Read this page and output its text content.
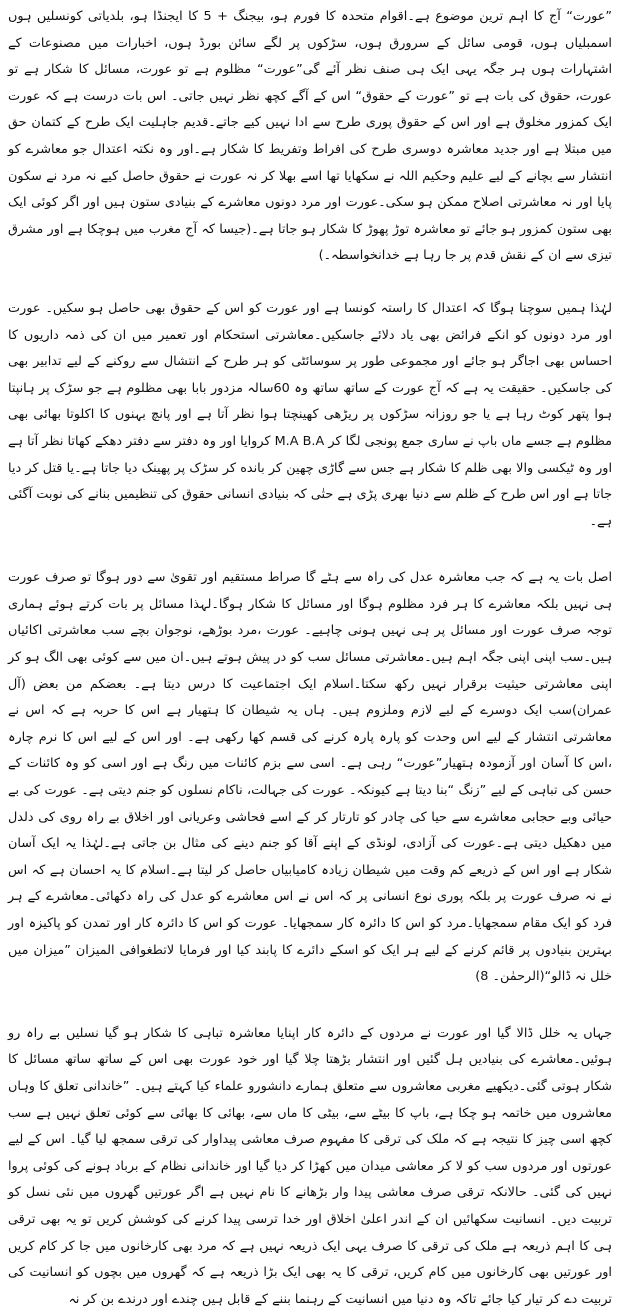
”عورت“ آج کا اہم ترین موضوع ہے۔اقوام متحدہ کا فورم ہو، بیجنگ + 5 کا ایجنڈا ہو، بلدیاتی کونسلیں ہوں اسمبلیاں ہوں، قومی سائل کے سرورق ہوں، سڑکوں پر لگے سائن بورڈ ہوں، اخبارات میں مصنوعات کے اشتہارات ہوں ہر جگہ یہی ایک ہی صنف نظر آئے گی”عورت“ مظلوم ہے تو عورت، مسائل کا شکار ہے تو عورت، حقوق کی بات ہے تو ”عورت کے حقوق“ اس کے آگے کچھ نظر نہیں جاتی۔ اس بات درست ہے کہ عورت ایک کمزور مخلوق ہے اور اس کے حقوق پوری طرح سے ادا نہیں کیے جاتے۔قدیم جاہلیت ایک طرح کے کتمان حق میں مبتلا ہے اور جدید معاشرہ دوسری طرح کی افراط وتفریط کا شکار ہے۔اور وہ نکتہ اعتدال جو معاشرے کو انتشار سے بچانے کے لیے علیم وحکیم اللہ نے سکھایا تھا اسے بھلا کر نہ عورت نے حقوق حاصل کیے نہ مرد نے سکون پایا اور نہ معاشرتی اصلاح ممکن ہو سکی۔عورت اور مرد دونوں معاشرے کے بنیادی ستون ہیں اور اگر کوئی ایک بھی ستون کمزور ہو جائے تو معاشرہ توڑ پھوڑ کا شکار ہو جاتا ہے۔(جیسا کہ آج مغرب میں ہوچکا ہے اور مشرق تیزی سے ان کے نقش قدم پر جا رہا ہے خدانخواسطہ۔)

لہٰذا ہمیں سوچنا ہوگا کہ اعتدال کا راستہ کونسا ہے اور عورت کو اس کے حقوق بھی حاصل ہو سکیں۔ عورت اور مرد دونوں کو انکے فرائض بھی یاد دلائے جاسکیں۔معاشرتی استحکام اور تعمیر میں ان کی ذمہ داریوں کا احساس بھی اجاگر ہو جائے اور مجموعی طور پر سوسائٹی کو ہر طرح کے انتشال سے روکنے کے لیے تدابیر بھی کی جاسکیں۔ حقیقت یہ ہے کہ آج عورت کے ساتھ ساتھ وہ 60سالہ مزدور بابا بھی مظلوم ہے جو سڑک پر ہانپتا ہوا پتھر کوٹ رہا ہے یا جو روزانہ سڑکوں پر ریڑھی کھینچتا ہوا نظر آتا ہے اور پانچ بہنوں کا اکلوتا بھائی بھی مظلوم ہے جسے ماں باپ نے ساری جمع پونجی لگا کر M.A B.A کروایا اور وہ دفتر سے دفتر دھکے کھاتا نظر آتا ہے اور وہ ٹیکسی والا بھی ظلم کا شکار ہے جس سے گاڑی چھین کر بانده کر سڑک پر پھینک دیا جاتا ہے۔یا قتل کر دیا جاتا ہے اور اس طرح کے ظلم سے دنیا بھری پڑی ہے حتٰی کہ بنیادی انسانی حقوق کی تنظیمیں بنانے کی نوبت آگئی ہے۔

اصل بات یہ ہے کہ جب معاشرہ عدل کی راہ سے ہٹے گا صراط مستقیم اور تقویٰ سے دور ہوگا تو صرف عورت ہی نہیں بلکہ معاشرے کا ہر فرد مظلوم ہوگا اور مسائل کا شکار ہوگا۔لہذا مسائل پر بات کرتے ہوئے ہماری توجہ صرف عورت اور مسائل پر ہی نہیں ہونی چاہیے۔ عورت ،مرد بوڑھے، نوجوان بچے سب معاشرتی اکائیاں ہیں۔سب اپنی اپنی جگہ اہم ہیں۔معاشرتی مسائل سب کو در پیش ہوتے ہیں۔ان میں سے کوئی بھی الگ ہو کر اپنی معاشرتی حیثیت برقرار نہیں رکھ سکتا۔اسلام ایک اجتماعیت کا درس دیتا ہے۔ بعضکم من بعض (آل عمران)سب ایک دوسرے کے لیے لازم وملزوم ہیں۔ ہاں یہ شیطان کا ہتھیار ہے اس کا حربہ ہے کہ اس نے معاشرتی انتشار کے لیے اس وحدت کو پارہ پارہ کرنے کی قسم کھا رکھی ہے۔ اور اس کے لیے اس کا نرم چارہ ،اس کا آسان اور آزمودہ ہتھیار”عورت“ رہی ہے۔ اسی سے بزم کائنات میں رنگ ہے اور اسی کو وہ کائنات کے حسن کی تباہی کے لیے ”زنگ “بنا دیتا ہے کیونکہ۔ عورت کی جہالت، ناکام نسلوں کو جنم دیتی ہے۔ عورت کی بے حیائی وبے حجابی معاشرے سے حیا کی چادر کو تارتار کر کے اسے فحاشی وعریانی اور اخلاق بے راہ روی کی دلدل میں دھکیل دیتی ہے۔عورت کی آزادی، لونڈی کے اپنے آقا کو جنم دینے کی مثال بن جاتی ہے۔لہٰذا یہ ایک آسان شکار ہے اور اس کے ذریعے کم وقت میں شیطان زیادہ کامیابیاں حاصل کر لیتا ہے۔اسلام کا یہ احسان ہے کہ اس نے نہ صرف عورت پر بلکہ پوری نوع انسانی پر کہ اس نے اس معاشرے کو عدل کی راہ دکھائی۔معاشرے کے ہر فرد کو ایک مقام سمجھایا۔مرد کو اس کا دائرہ کار سمجھایا۔ عورت کو اس کا دائرہ کار اور تمدن کو پاکیزہ اور بہترین بنیادوں پر قائم کرنے کے لیے ہر ایک کو اسکے دائرے کا پابند کیا اور فرمایا لاتطغوافی المیزان ”میزان میں خلل نہ ڈالو“(الرحمٰن۔ 8)

جہاں یہ خلل ڈالا گیا اور عورت نے مردوں کے دائرہ کار اپنایا معاشرہ تباہی کا شکار ہو گیا نسلیں بے راہ رو ہوئیں۔معاشرے کی بنیادیں ہل گئیں اور انتشار بڑھتا چلا گیا اور خود عورت بھی اس کے ساتھ ساتھ مسائل کا شکار ہوتی گئی۔دیکھیے مغربی معاشروں سے متعلق ہمارے دانشورو علماء کیا کہتے ہیں۔ ”خاندانی تعلق کا وہاں معاشروں میں خاتمہ ہو چکا ہے، باپ کا بیٹے سے، بیٹی کا ماں سے، بھائی کا بھائی سے کوئی تعلق نہیں ہے سب کچھ اسی چیز کا نتیجہ ہے کہ ملک کی ترقی کا مفہوم صرف معاشی پیداوار کی ترقی سمجھ لیا گیا۔ اس کے لیے عورتوں اور مردوں سب کو لا کر معاشی میدان میں کھڑا کر دیا گیا اور خاندانی نظام کے برباد ہونے کی کوئی پروا نہیں کی گئی۔ حالانکہ ترقی صرف معاشی پیدا وار بڑھانے کا نام نہیں ہے اگر عورتیں گھروں میں نئی نسل کو تربیت دیں۔ انسانیت سکھائیں ان کے اندر اعلیٰ اخلاق اور خدا ترسی پیدا کرنے کی کوشش کریں تو یہ بھی ترقی ہی کا اہم ذریعہ ہے ملک کی ترقی کا صرف یہی ایک ذریعہ نہیں ہے کہ مرد بھی کارخانوں میں جا کر کام کریں اور عورتیں بھی کارخانوں میں کام کریں، ترقی کا یہ بھی ایک بڑا ذریعہ ہے کہ گھروں میں بچوں کو انسانیت کی تربیت دے کر تیار کیا جائے تاکہ وہ دنیا میں انسانیت کے رہنما بننے کے قابل ہیں چندے اور درندے بن کر نہ
